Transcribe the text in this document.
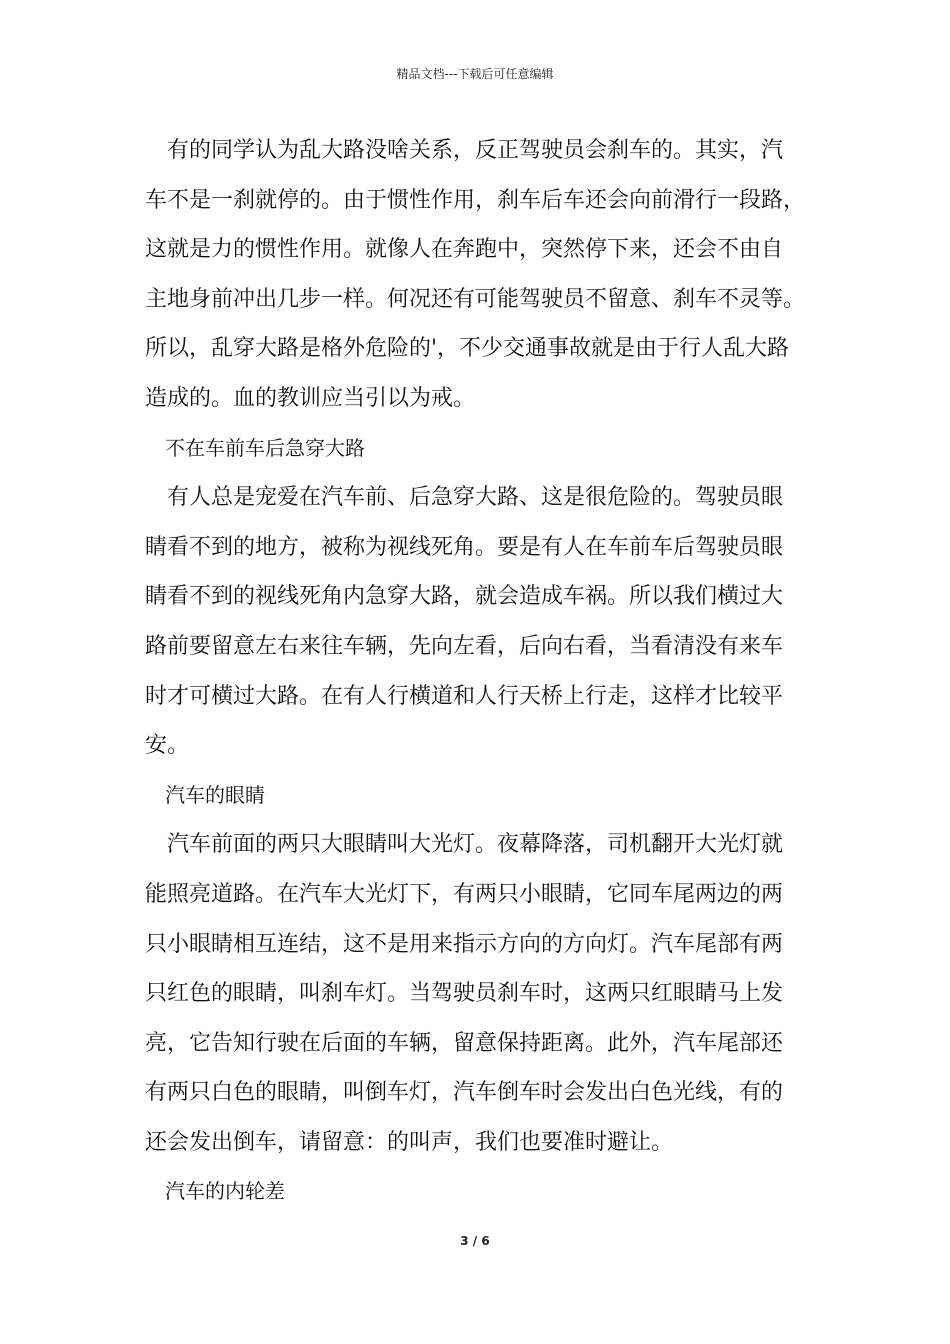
精品文档---下载后可任意编辑
有的同学认为乱大路没啥关系，反正驾驶员会刹车的。其实，汽
车不是一刹就停的。由于惯性作用，刹车后车还会向前滑行一段路，
这就是力的惯性作用。就像人在奔跑中，突然停下来，还会不由自
主地身前冲出几步一样。何况还有可能驾驶员不留意、刹车不灵等。
所以，乱穿大路是格外危险的'，不少交通事故就是由于行人乱大路
造成的。血的教训应当引以为戒。
不在车前车后急穿大路
有人总是宠爱在汽车前、后急穿大路、这是很危险的。驾驶员眼
睛看不到的地方，被称为视线死角。要是有人在车前车后驾驶员眼
睛看不到的视线死角内急穿大路，就会造成车祸。所以我们横过大
路前要留意左右来往车辆，先向左看，后向右看，当看清没有来车
时才可横过大路。在有人行横道和人行天桥上行走，这样才比较平
安。
汽车的眼睛
汽车前面的两只大眼睛叫大光灯。夜幕降落，司机翻开大光灯就
能照亮道路。在汽车大光灯下，有两只小眼睛，它同车尾两边的两
只小眼睛相互连结，这不是用来指示方向的方向灯。汽车尾部有两
只红色的眼睛，叫刹车灯。当驾驶员刹车时，这两只红眼睛马上发
亮，它告知行驶在后面的车辆，留意保持距离。此外，汽车尾部还
有两只白色的眼睛，叫倒车灯，汽车倒车时会发出白色光线，有的
还会发出倒车，请留意：的叫声，我们也要准时避让。
汽车的内轮差
3 / 6
